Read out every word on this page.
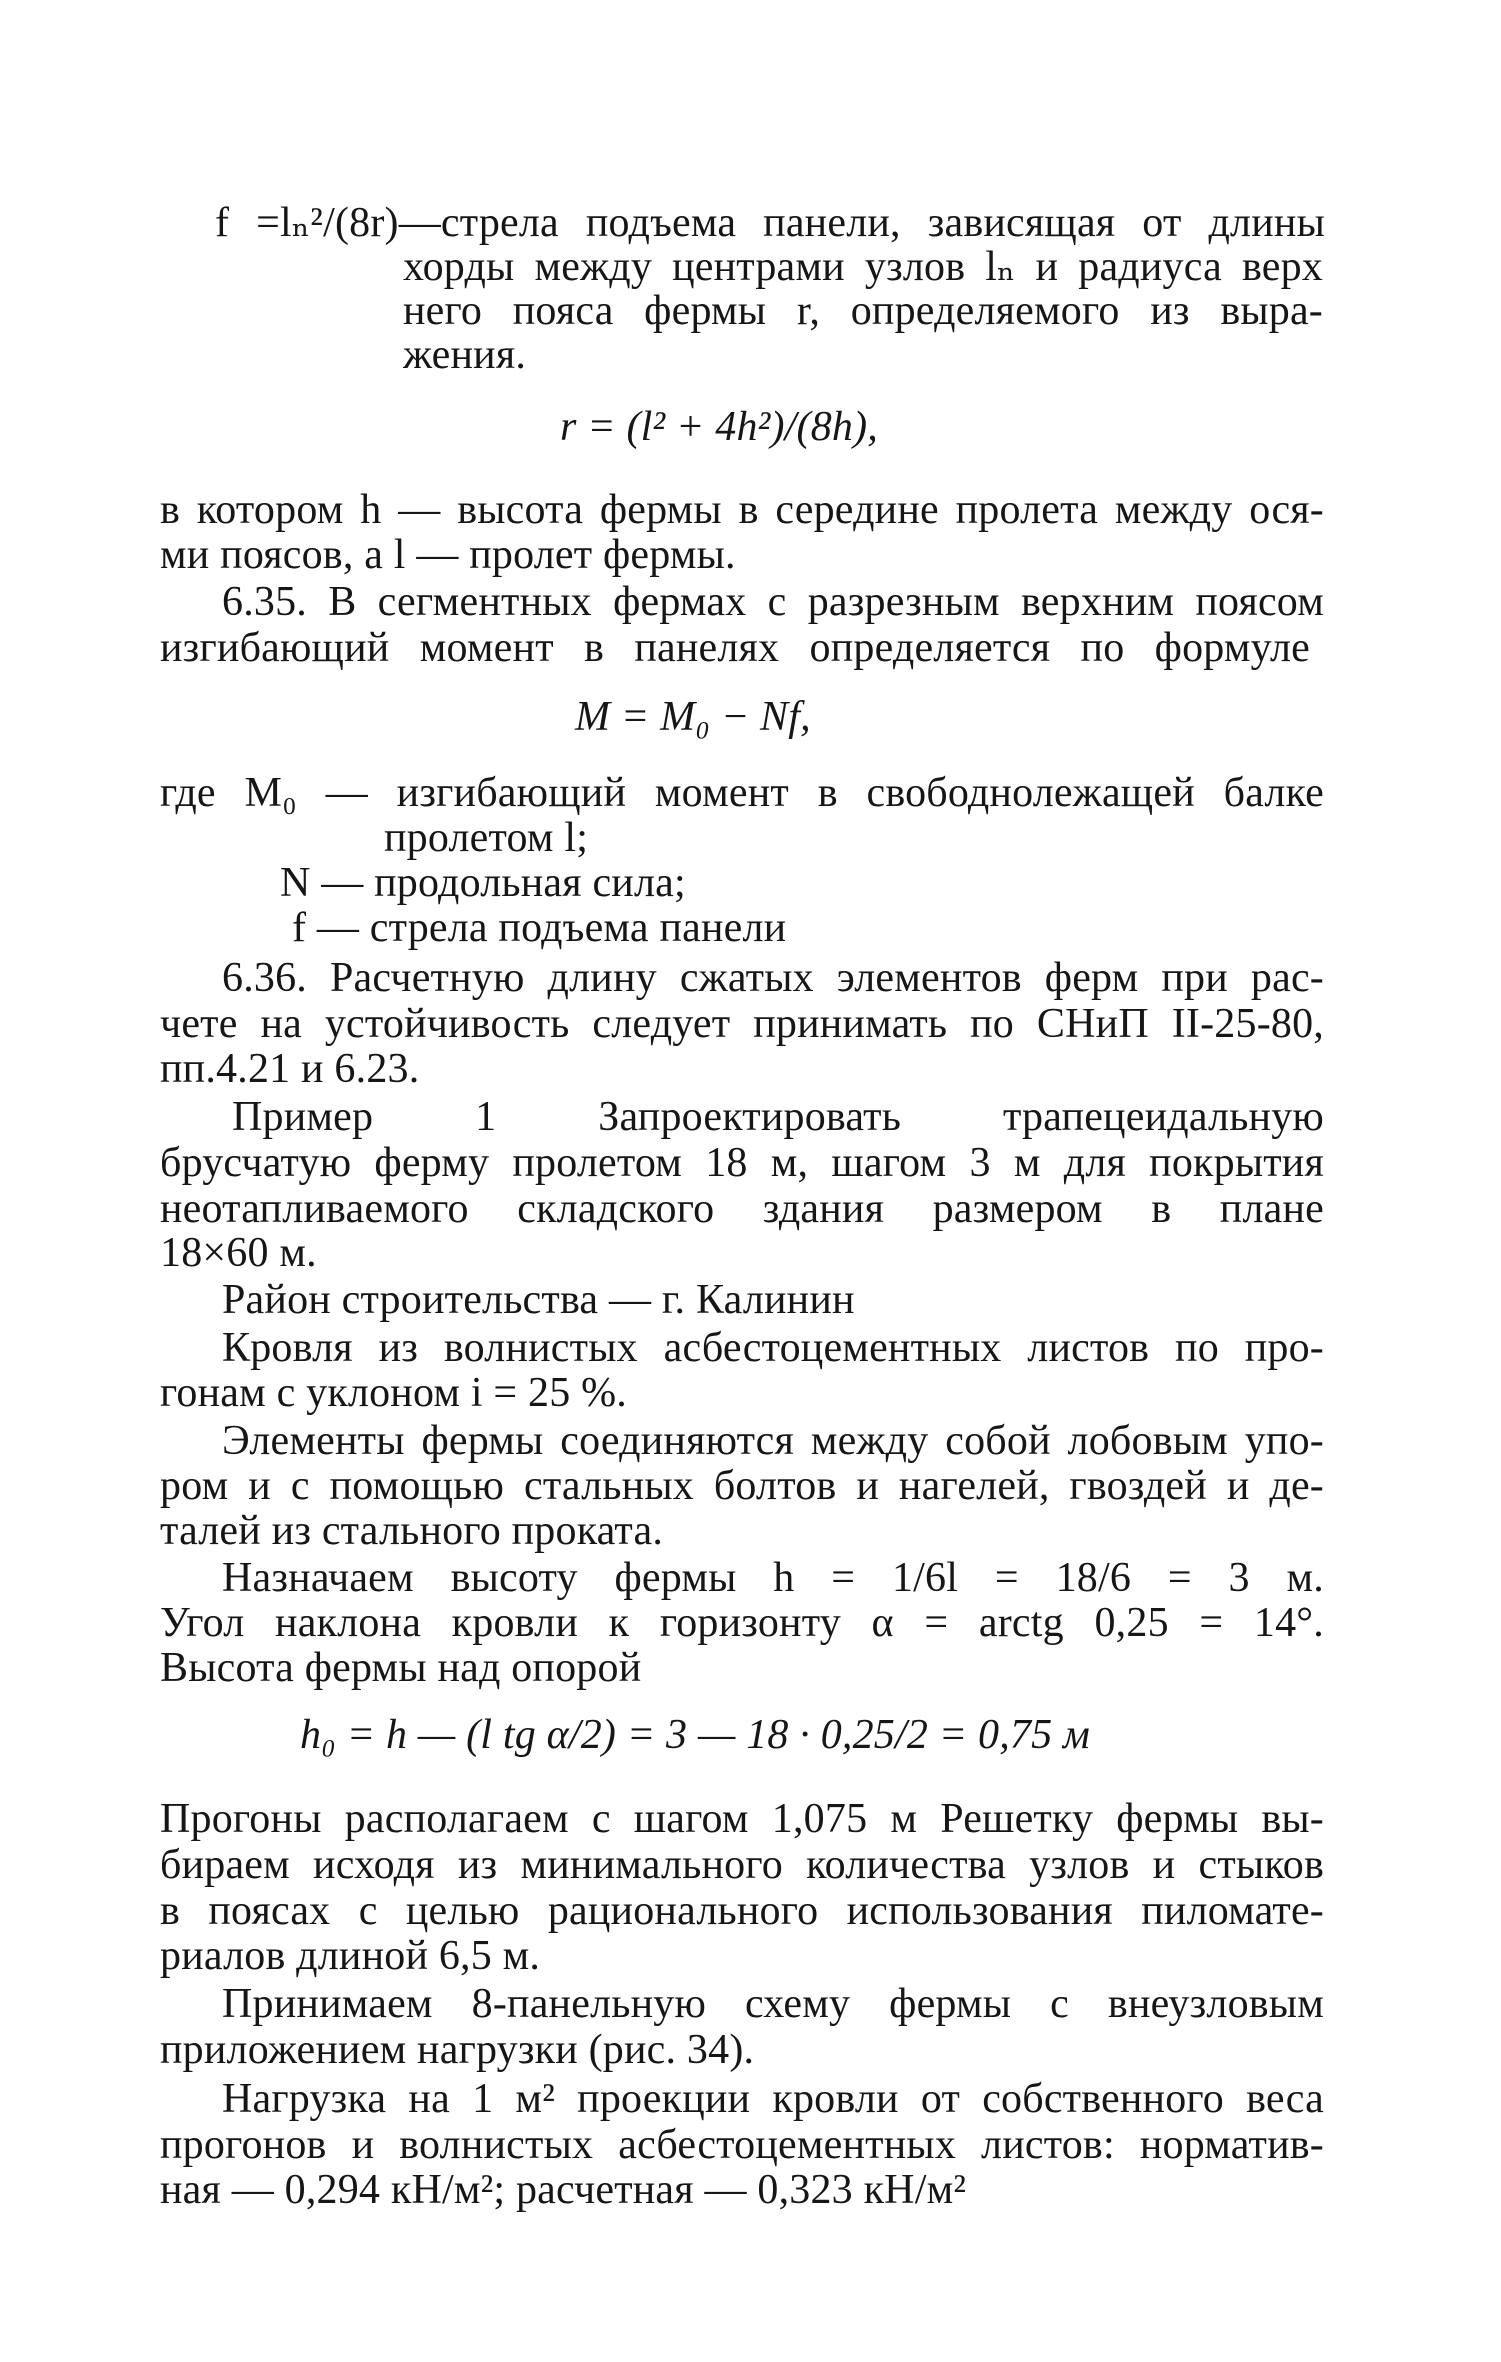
f =lₙ²/(8r)—стрела подъема панели, зависящая от длины
хорды между центрами узлов lₙ и радиуса верх
него пояса фермы r, определяемого из выра-
жения.
r = (l² + 4h²)/(8h),
в котором h — высота фермы в середине пролета между ося-
ми поясов, а l — пролет фермы.
6.35. В сегментных фермах с разрезным верхним поясом
изгибающий момент в панелях определяется по формуле
M = M₀ − Nf,
где M₀ — изгибающий момент в свободнолежащей балке
пролетом l;
N — продольная сила;
f — стрела подъема панели
6.36. Расчетную длину сжатых элементов ферм при рас-
чете на устойчивость следует принимать по СНиП II-25-80,
пп.4.21 и 6.23.
Пример 1 Запроектировать трапецеидальную
брусчатую ферму пролетом 18 м, шагом 3 м для покрытия
неотапливаемого складского здания размером в плане
18×60 м.
Район строительства — г. Калинин
Кровля из волнистых асбестоцементных листов по про-
гонам с уклоном i = 25 %.
Элементы фермы соединяются между собой лобовым упо-
ром и с помощью стальных болтов и нагелей, гвоздей и де-
талей из стального проката.
Назначаем высоту фермы h = 1/6l = 18/6 = 3 м.
Угол наклона кровли к горизонту α = arctg 0,25 = 14°.
Высота фермы над опорой
h₀ = h — (l tg α/2) = 3 — 18 · 0,25/2 = 0,75 м
Прогоны располагаем с шагом 1,075 м Решетку фермы вы-
бираем исходя из минимального количества узлов и стыков
в поясах с целью рационального использования пиломате-
риалов длиной 6,5 м.
Принимаем 8-панельную схему фермы с внеузловым
приложением нагрузки (рис. 34).
Нагрузка на 1 м² проекции кровли от собственного веса
прогонов и волнистых асбестоцементных листов: норматив-
ная — 0,294 кН/м²; расчетная — 0,323 кН/м²
